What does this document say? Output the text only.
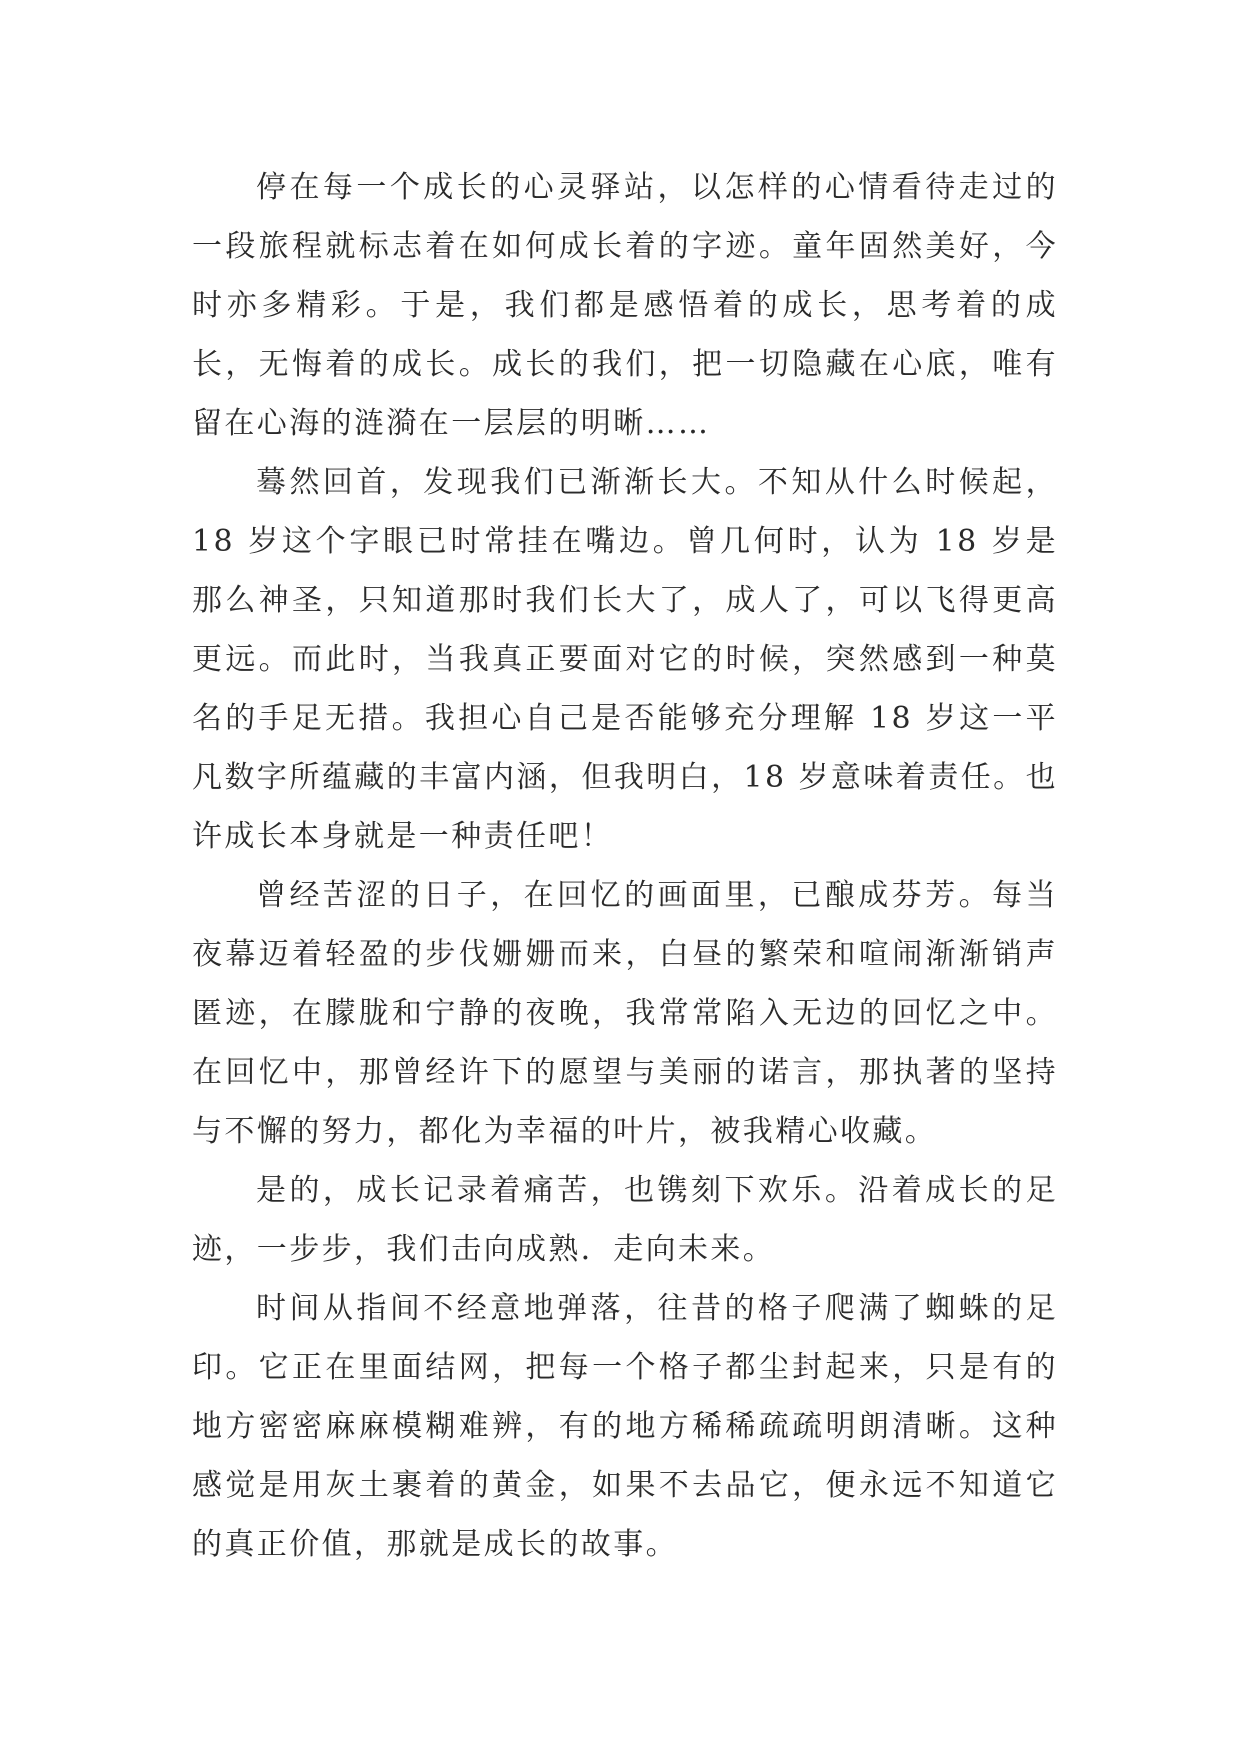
停在每一个成长的心灵驿站，以怎样的心情看待走过的一段旅程就标志着在如何成长着的字迹。童年固然美好，今时亦多精彩。于是，我们都是感悟着的成长，思考着的成长，无悔着的成长。成长的我们，把一切隐藏在心底，唯有留在心海的涟漪在一层层的明晰……

蓦然回首，发现我们已渐渐长大。不知从什么时候起，18 岁这个字眼已时常挂在嘴边。曾几何时，认为 18 岁是那么神圣，只知道那时我们长大了，成人了，可以飞得更高更远。而此时，当我真正要面对它的时候，突然感到一种莫名的手足无措。我担心自己是否能够充分理解 18 岁这一平凡数字所蕴藏的丰富内涵，但我明白，18 岁意味着责任。也许成长本身就是一种责任吧！

曾经苦涩的日子，在回忆的画面里，已酿成芬芳。每当夜幕迈着轻盈的步伐姗姗而来，白昼的繁荣和喧闹渐渐销声匿迹，在朦胧和宁静的夜晚，我常常陷入无边的回忆之中。在回忆中，那曾经许下的愿望与美丽的诺言，那执著的坚持与不懈的努力，都化为幸福的叶片，被我精心收藏。

是的，成长记录着痛苦，也镌刻下欢乐。沿着成长的足迹，一步步，我们击向成熟．走向未来。

时间从指间不经意地弹落，往昔的格子爬满了蜘蛛的足印。它正在里面结网，把每一个格子都尘封起来，只是有的地方密密麻麻模糊难辨，有的地方稀稀疏疏明朗清晰。这种感觉是用灰土裹着的黄金，如果不去品它，便永远不知道它的真正价值，那就是成长的故事。
